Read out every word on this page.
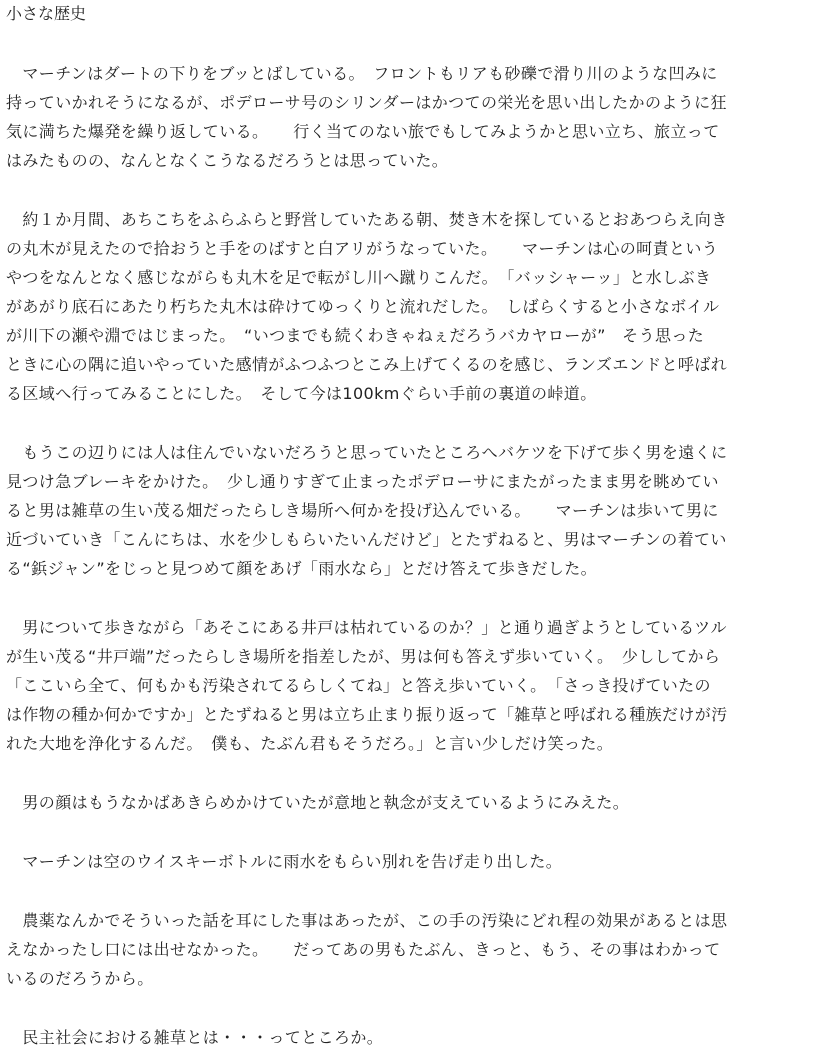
小さな歴史
　マーチンはダートの下りをブッとばしている。　フロントもリアも砂礫で滑り川のような凹みに
持っていかれそうになるが、ポデローサ号のシリンダーはかつての栄光を思い出したかのように狂
気に満ちた爆発を繰り返している。　　行く当てのない旅でもしてみようかと思い立ち、旅立って
はみたものの、なんとなくこうなるだろうとは思っていた。
　約１か月間、あちこちをふらふらと野営していたある朝、焚き木を探しているとおあつらえ向き
の丸木が見えたので拾おうと手をのばすと白アリがうなっていた。　　マーチンは心の呵責という
やつをなんとなく感じながらも丸木を足で転がし川へ蹴りこんだ。　「バッシャーッ」と水しぶき
があがり底石にあたり朽ちた丸木は砕けてゆっくりと流れだした。　しばらくすると小さなボイル
が川下の瀬や淵ではじまった。　“いつまでも続くわきゃねぇだろうバカヤローが”　そう思った
ときに心の隅に追いやっていた感情がふつふつとこみ上げてくるのを感じ、ランズエンドと呼ばれ
る区域へ行ってみることにした。　そして今は100kmぐらい手前の裏道の峠道。
　もうこの辺りには人は住んでいないだろうと思っていたところへバケツを下げて歩く男を遠くに
見つけ急ブレーキをかけた。　少し通りすぎて止まったポデローサにまたがったまま男を眺めてい
ると男は雑草の生い茂る畑だったらしき場所へ何かを投げ込んでいる。　　マーチンは歩いて男に
近づいていき「こんにちは、水を少しもらいたいんだけど」とたずねると、男はマーチンの着てい
る“鋲ジャン”をじっと見つめて顔をあげ「雨水なら」とだけ答えて歩きだした。
　男について歩きながら「あそこにある井戸は枯れているのか？」と通り過ぎようとしているツル
が生い茂る“井戸端”だったらしき場所を指差したが、男は何も答えず歩いていく。　少ししてから
「ここいら全て、何もかも汚染されてるらしくてね」と答え歩いていく。　「さっき投げていたの
は作物の種か何かですか」とたずねると男は立ち止まり振り返って「雑草と呼ばれる種族だけが汚
れた大地を浄化するんだ。　僕も、たぶん君もそうだろ。」と言い少しだけ笑った。
　男の顔はもうなかばあきらめかけていたが意地と執念が支えているようにみえた。
　マーチンは空のウイスキーボトルに雨水をもらい別れを告げ走り出した。
　農薬なんかでそういった話を耳にした事はあったが、この手の汚染にどれ程の効果があるとは思
えなかったし口には出せなかった。　　だってあの男もたぶん、きっと、もう、その事はわかって
いるのだろうから。
　民主社会における雑草とは・・・ってところか。
